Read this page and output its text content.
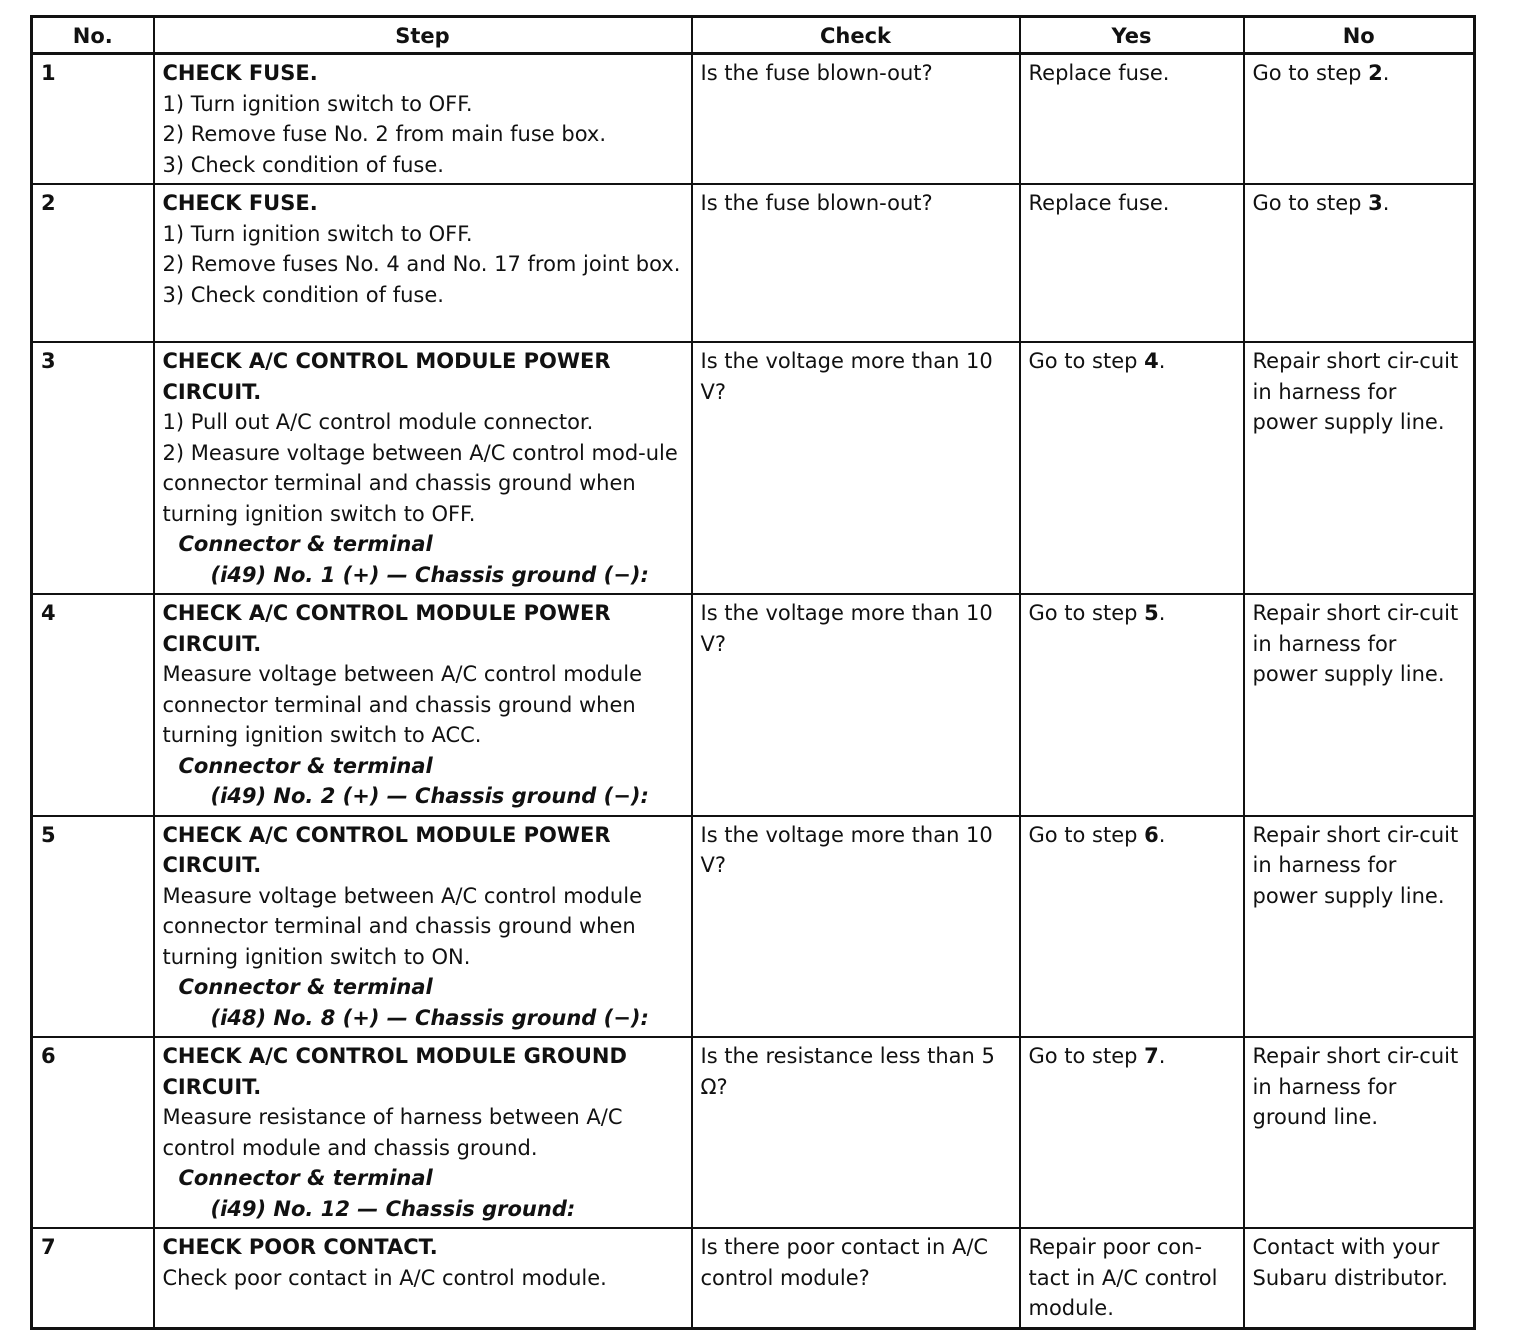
No.	Step	Check	Yes	No
1	CHECK FUSE.
1) Turn ignition switch to OFF.
2) Remove fuse No. 2 from main fuse box.
3) Check condition of fuse.	Is the fuse blown-out?	Replace fuse.	Go to step 2.
2	CHECK FUSE.
1) Turn ignition switch to OFF.
2) Remove fuses No. 4 and No. 17 from joint box.
3) Check condition of fuse.	Is the fuse blown-out?	Replace fuse.	Go to step 3.
3	CHECK A/C CONTROL MODULE POWER CIRCUIT.
1) Pull out A/C control module connector.
2) Measure voltage between A/C control mod-ule connector terminal and chassis ground when turning ignition switch to OFF.
Connector & terminal
(i49) No. 1 (+) — Chassis ground (−):	Is the voltage more than 10 V?	Go to step 4.	Repair short cir-cuit in harness for power supply line.
4	CHECK A/C CONTROL MODULE POWER CIRCUIT.
Measure voltage between A/C control module connector terminal and chassis ground when turning ignition switch to ACC.
Connector & terminal
(i49) No. 2 (+) — Chassis ground (−):	Is the voltage more than 10 V?	Go to step 5.	Repair short cir-cuit in harness for power supply line.
5	CHECK A/C CONTROL MODULE POWER CIRCUIT.
Measure voltage between A/C control module connector terminal and chassis ground when turning ignition switch to ON.
Connector & terminal
(i48) No. 8 (+) — Chassis ground (−):	Is the voltage more than 10 V?	Go to step 6.	Repair short cir-cuit in harness for power supply line.
6	CHECK A/C CONTROL MODULE GROUND CIRCUIT.
Measure resistance of harness between A/C control module and chassis ground.
Connector & terminal
(i49) No. 12 — Chassis ground:	Is the resistance less than 5 Ω?	Go to step 7.	Repair short cir-cuit in harness for ground line.
7	CHECK POOR CONTACT.
Check poor contact in A/C control module.	Is there poor contact in A/C control module?	Repair poor con-tact in A/C control module.	Contact with your Subaru distributor.
